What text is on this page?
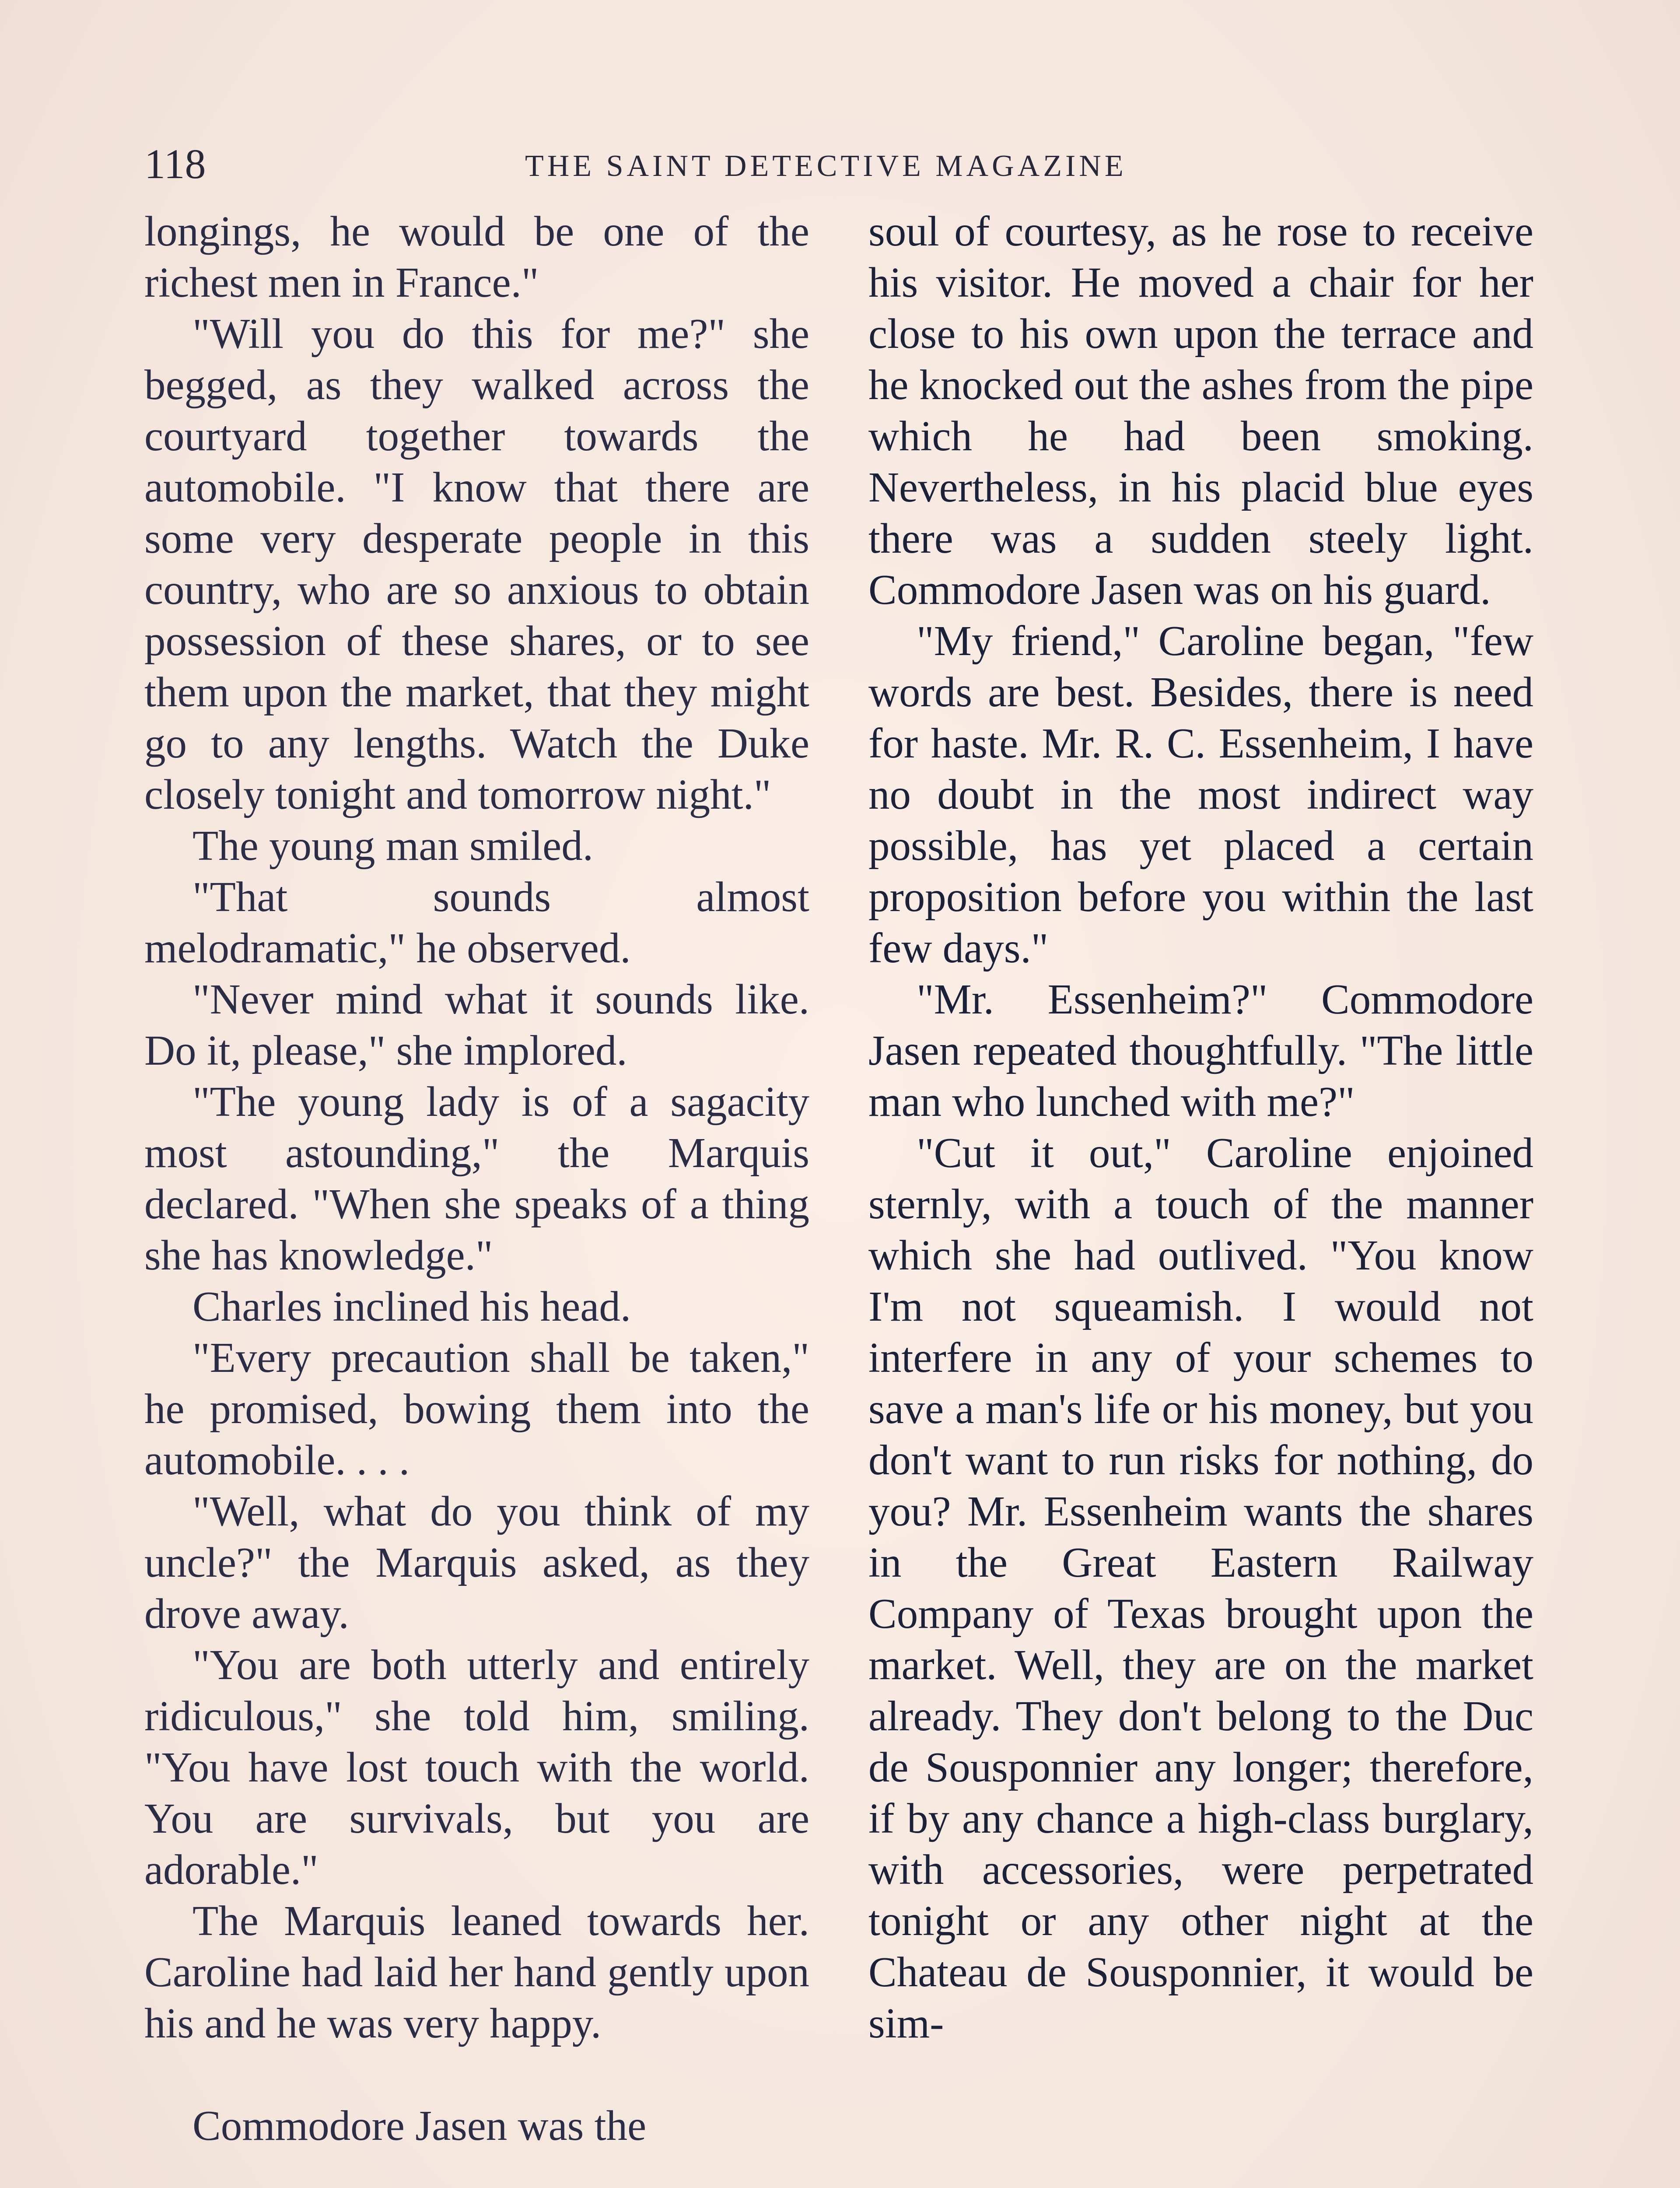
118	THE SAINT DETECTIVE MAGAZINE

longings, he would be one of the richest men in France."

"Will you do this for me?" she begged, as they walked across the courtyard together towards the automobile. "I know that there are some very desperate people in this country, who are so anxious to obtain possession of these shares, or to see them upon the market, that they might go to any lengths. Watch the Duke closely tonight and tomorrow night."

The young man smiled.

"That sounds almost melodramatic," he observed.

"Never mind what it sounds like. Do it, please," she implored.

"The young lady is of a sagacity most astounding," the Marquis declared. "When she speaks of a thing she has knowledge."

Charles inclined his head.

"Every precaution shall be taken," he promised, bowing them into the automobile. . . .

"Well, what do you think of my uncle?" the Marquis asked, as they drove away.

"You are both utterly and entirely ridiculous," she told him, smiling. "You have lost touch with the world. You are survivals, but you are adorable."

The Marquis leaned towards her. Caroline had laid her hand gently upon his and he was very happy.

Commodore Jasen was the

soul of courtesy, as he rose to receive his visitor. He moved a chair for her close to his own upon the terrace and he knocked out the ashes from the pipe which he had been smoking. Nevertheless, in his placid blue eyes there was a sudden steely light. Commodore Jasen was on his guard.

"My friend," Caroline began, "few words are best. Besides, there is need for haste. Mr. R. C. Essenheim, I have no doubt in the most indirect way possible, has yet placed a certain proposition before you within the last few days."

"Mr. Essenheim?" Commodore Jasen repeated thoughtfully. "The little man who lunched with me?"

"Cut it out," Caroline enjoined sternly, with a touch of the manner which she had outlived. "You know I'm not squeamish. I would not interfere in any of your schemes to save a man's life or his money, but you don't want to run risks for nothing, do you? Mr. Essenheim wants the shares in the Great Eastern Railway Company of Texas brought upon the market. Well, they are on the market already. They don't belong to the Duc de Sousponnier any longer; therefore, if by any chance a high-class burglary, with accessories, were perpetrated tonight or any other night at the Chateau de Sousponnier, it would be sim-
